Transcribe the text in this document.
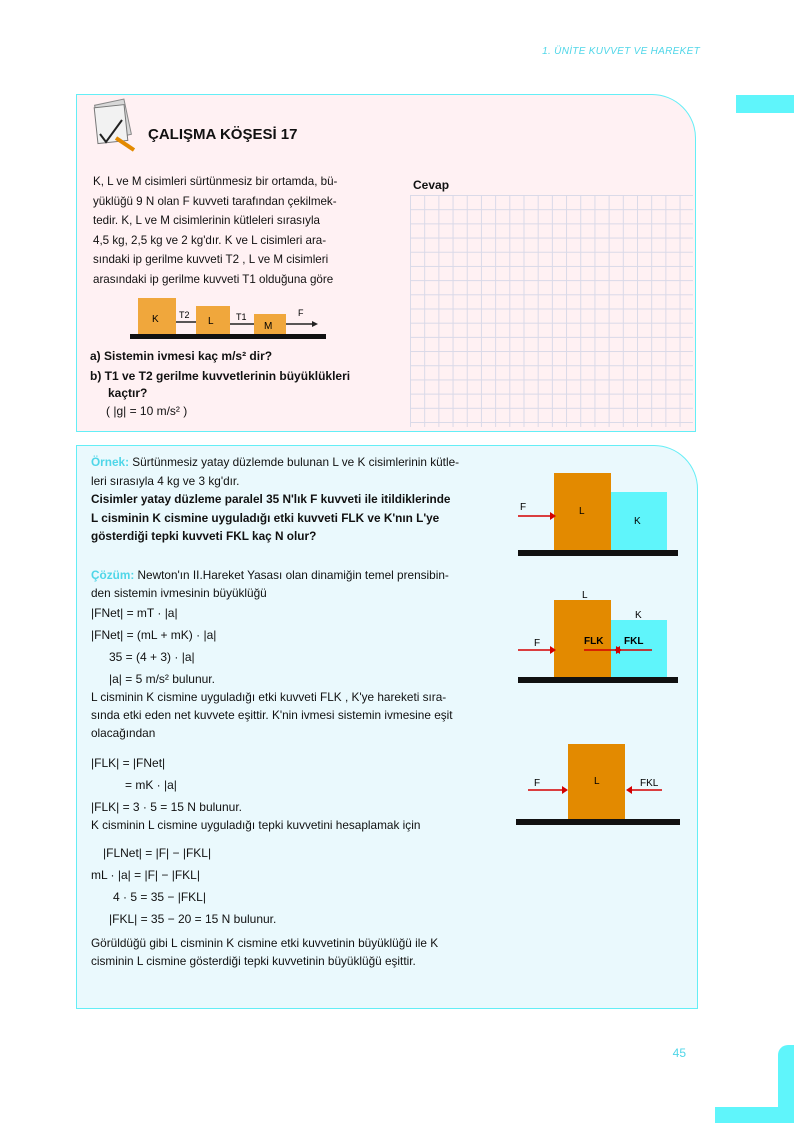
1. ÜNİTE KUVVET VE HAREKET
ÇALIŞMA KÖŞESİ 17

K, L ve M cisimleri sürtünmesiz bir ortamda, bü-

yüklüğü 9 N olan F kuvveti tarafından çekilmek-

tedir. K, L ve M cisimlerinin kütleleri sırasıyla

4,5 kg, 2,5 kg ve 2 kg'dır. K ve L cisimleri ara-

sındaki ip gerilme kuvveti T2 , L ve M cisimleri

arasındaki ip gerilme kuvveti T1 olduğuna göre

Cevap
K	L	M
T2	T1	F
a) Sistemin ivmesi kaç m/s² dir?
b) T1 ve T2 gerilme kuvvetlerinin büyüklükleri
kaçtır?
( |g| = 10 m/s² )

Örnek: Sürtünmesiz yatay düzlemde bulunan L ve K cisimlerinin kütle-

leri sırasıyla 4 kg ve 3 kg'dır.

Cisimler yatay düzleme paralel 35 N'lık F kuvveti ile itildiklerinde

L cisminin K cismine uyguladığı etki kuvveti FLK ve K'nın L'ye

gösterdiği tepki kuvveti FKL kaç N olur?

Çözüm: Newton'ın II.Hareket Yasası olan dinamiğin temel prensibin-

den sistemin ivmesinin büyüklüğü

|FNet| = mT · |a|

|FNet| = (mL + mK) · |a|

35 = (4 + 3) · |a|

|a| = 5 m/s² bulunur.

L cisminin K cismine uyguladığı etki kuvveti FLK , K'ye hareketi sıra-

sında etki eden net kuvvete eşittir. K'nin ivmesi sistemin ivmesine eşit

olacağından

|FLK| = |FNet|

= mK · |a|

|FLK| = 3 · 5 = 15 N bulunur.

K cisminin L cismine uyguladığı tepki kuvvetini hesaplamak için

|FLNet| = |F| − |FKL|

mL · |a| = |F| − |FKL|

4 · 5 = 35 − |FKL|

|FKL| = 35 − 20 = 15 N bulunur.

Görüldüğü gibi L cisminin K cismine etki kuvvetinin büyüklüğü ile K

cisminin L cismine gösterdiği tepki kuvvetinin büyüklüğü eşittir.

F	L
K
L
K
F	FLK FKL
L
F	FKL
45
